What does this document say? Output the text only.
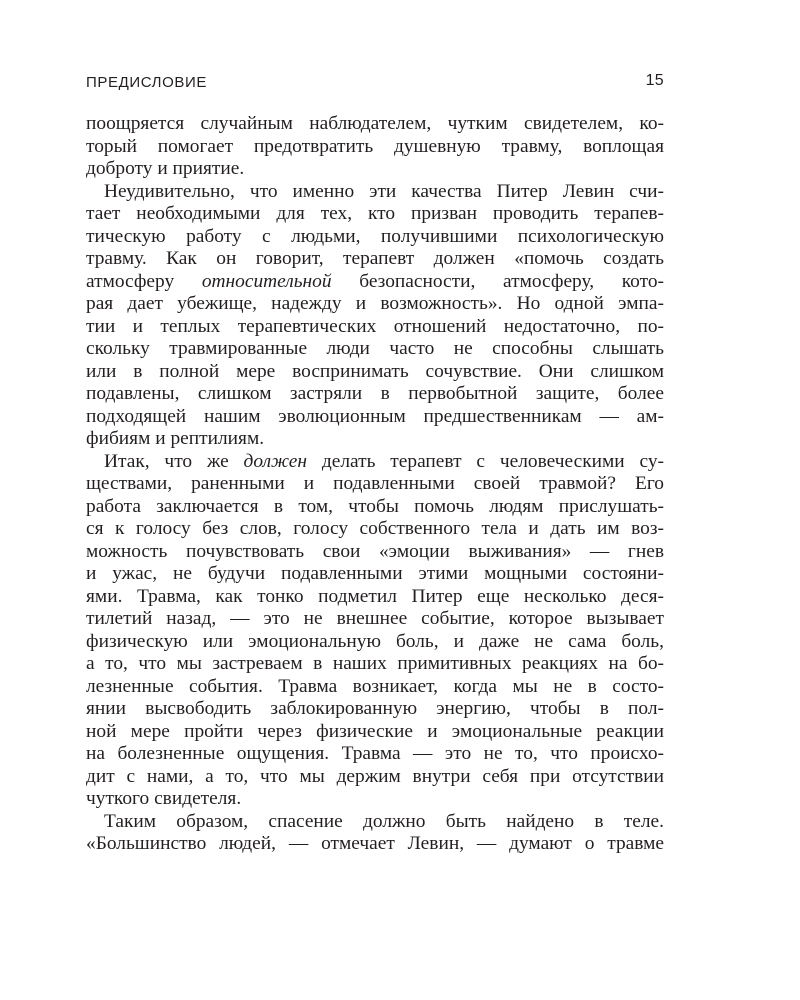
ПРЕДИСЛОВИЕ	15
поощряется случайным наблюдателем, чутким свидетелем, ко-
торый помогает предотвратить душевную травму, воплощая
доброту и приятие.
Неудивительно, что именно эти качества Питер Левин счи-
тает необходимыми для тех, кто призван проводить терапев-
тическую работу с людьми, получившими психологическую
травму. Как он говорит, терапевт должен «помочь создать
атмосферу относительной безопасности, атмосферу, кото-
рая дает убежище, надежду и возможность». Но одной эмпа-
тии и теплых терапевтических отношений недостаточно, по-
скольку травмированные люди часто не способны слышать
или в полной мере воспринимать сочувствие. Они слишком
подавлены, слишком застряли в первобытной защите, более
подходящей нашим эволюционным предшественникам — ам-
фибиям и рептилиям.
Итак, что же должен делать терапевт с человеческими су-
ществами, раненными и подавленными своей травмой? Его
работа заключается в том, чтобы помочь людям прислушать-
ся к голосу без слов, голосу собственного тела и дать им воз-
можность почувствовать свои «эмоции выживания» — гнев
и ужас, не будучи подавленными этими мощными состояни-
ями. Травма, как тонко подметил Питер еще несколько деся-
тилетий назад, — это не внешнее событие, которое вызывает
физическую или эмоциональную боль, и даже не сама боль,
а то, что мы застреваем в наших примитивных реакциях на бо-
лезненные события. Травма возникает, когда мы не в состо-
янии высвободить заблокированную энергию, чтобы в пол-
ной мере пройти через физические и эмоциональные реакции
на болезненные ощущения. Травма — это не то, что происхо-
дит с нами, а то, что мы держим внутри себя при отсутствии
чуткого свидетеля.
Таким образом, спасение должно быть найдено в теле.
«Большинство людей, — отмечает Левин, — думают о травме
